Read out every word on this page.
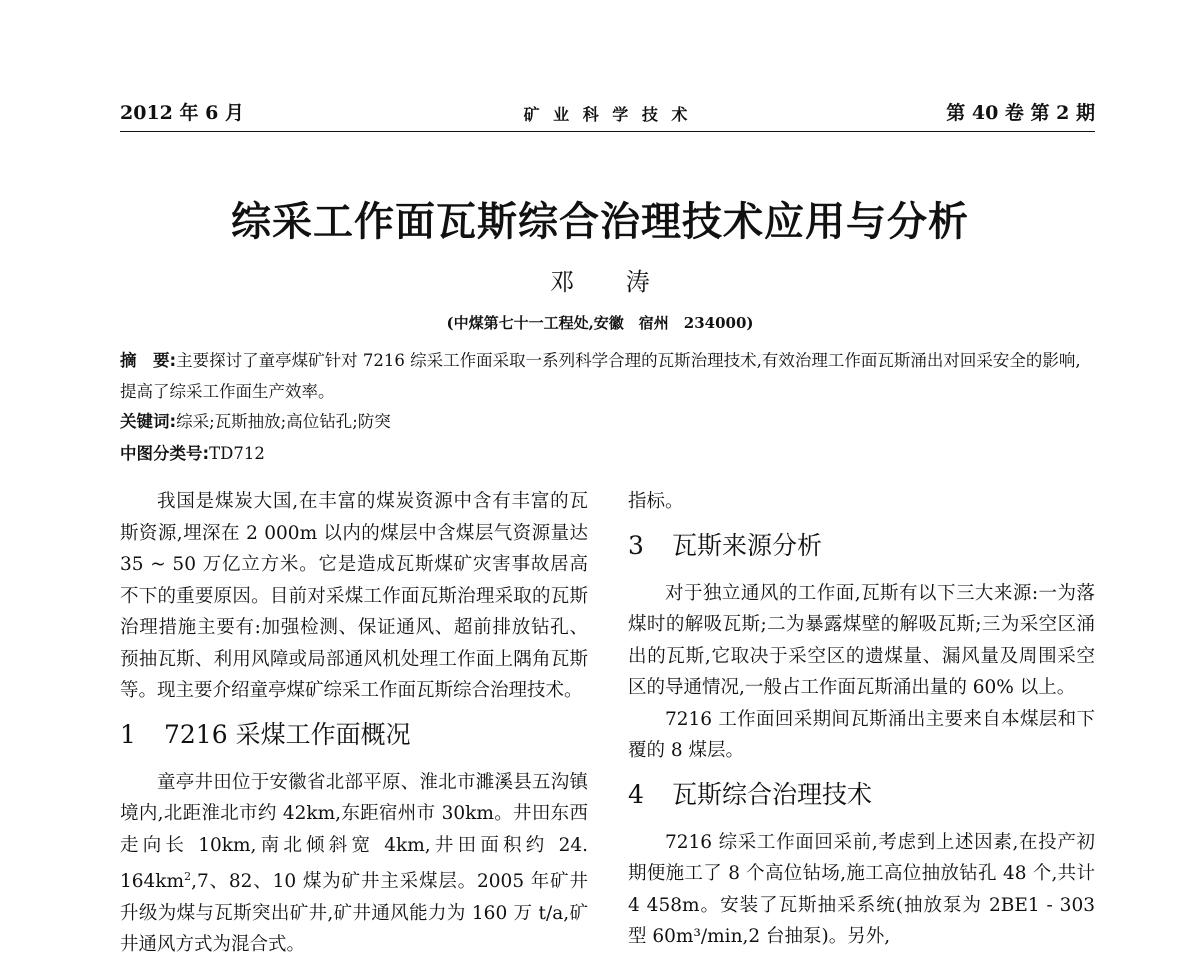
2012 年 6 月	矿 业 科 学 技 术	第 40 卷 第 2 期
综采工作面瓦斯综合治理技术应用与分析
邓 涛
(中煤第七十一工程处,安徽　宿州　234000)
摘　要:主要探讨了童亭煤矿针对 7216 综采工作面采取一系列科学合理的瓦斯治理技术,有效治理工作面瓦斯涌出对回采安全的影响,提高了综采工作面生产效率。
关键词:综采;瓦斯抽放;高位钻孔;防突
中图分类号:TD712

我国是煤炭大国,在丰富的煤炭资源中含有丰富的瓦斯资源,埋深在 2 000m 以内的煤层中含煤层气资源量达 35 ~ 50 万亿立方米。它是造成瓦斯煤矿灾害事故居高不下的重要原因。目前对采煤工作面瓦斯治理采取的瓦斯治理措施主要有:加强检测、保证通风、超前排放钻孔、预抽瓦斯、利用风障或局部通风机处理工作面上隅角瓦斯等。现主要介绍童亭煤矿综采工作面瓦斯综合治理技术。

1 7216 采煤工作面概况

童亭井田位于安徽省北部平原、淮北市濉溪县五沟镇境内,北距淮北市约 42km,东距宿州市 30km。井田东西走向长 10km,南北倾斜宽 4km,井田面积约 24. $164km^2,7$、82、10 煤为矿井主采煤层。2005 年矿井升级为煤与瓦斯突出矿井,矿井通风能力为 160 万 t/a,矿井通风方式为混合式。

指标。

3 瓦斯来源分析

对于独立通风的工作面,瓦斯有以下三大来源:一为落煤时的解吸瓦斯;二为暴露煤壁的解吸瓦斯;三为采空区涌出的瓦斯,它取决于采空区的遗煤量、漏风量及周围采空区的导通情况,一般占工作面瓦斯涌出量的 60% 以上。

7216 工作面回采期间瓦斯涌出主要来自本煤层和下覆的 8 煤层。

4 瓦斯综合治理技术

7216 综采工作面回采前,考虑到上述因素,在投产初期便施工了 8 个高位钻场,施工高位抽放钻孔 48 个,共计 4 458m。安装了瓦斯抽采系统(抽放泵为 2BE1 - 303 型 60m³/min,2 台抽泵)。另外,
